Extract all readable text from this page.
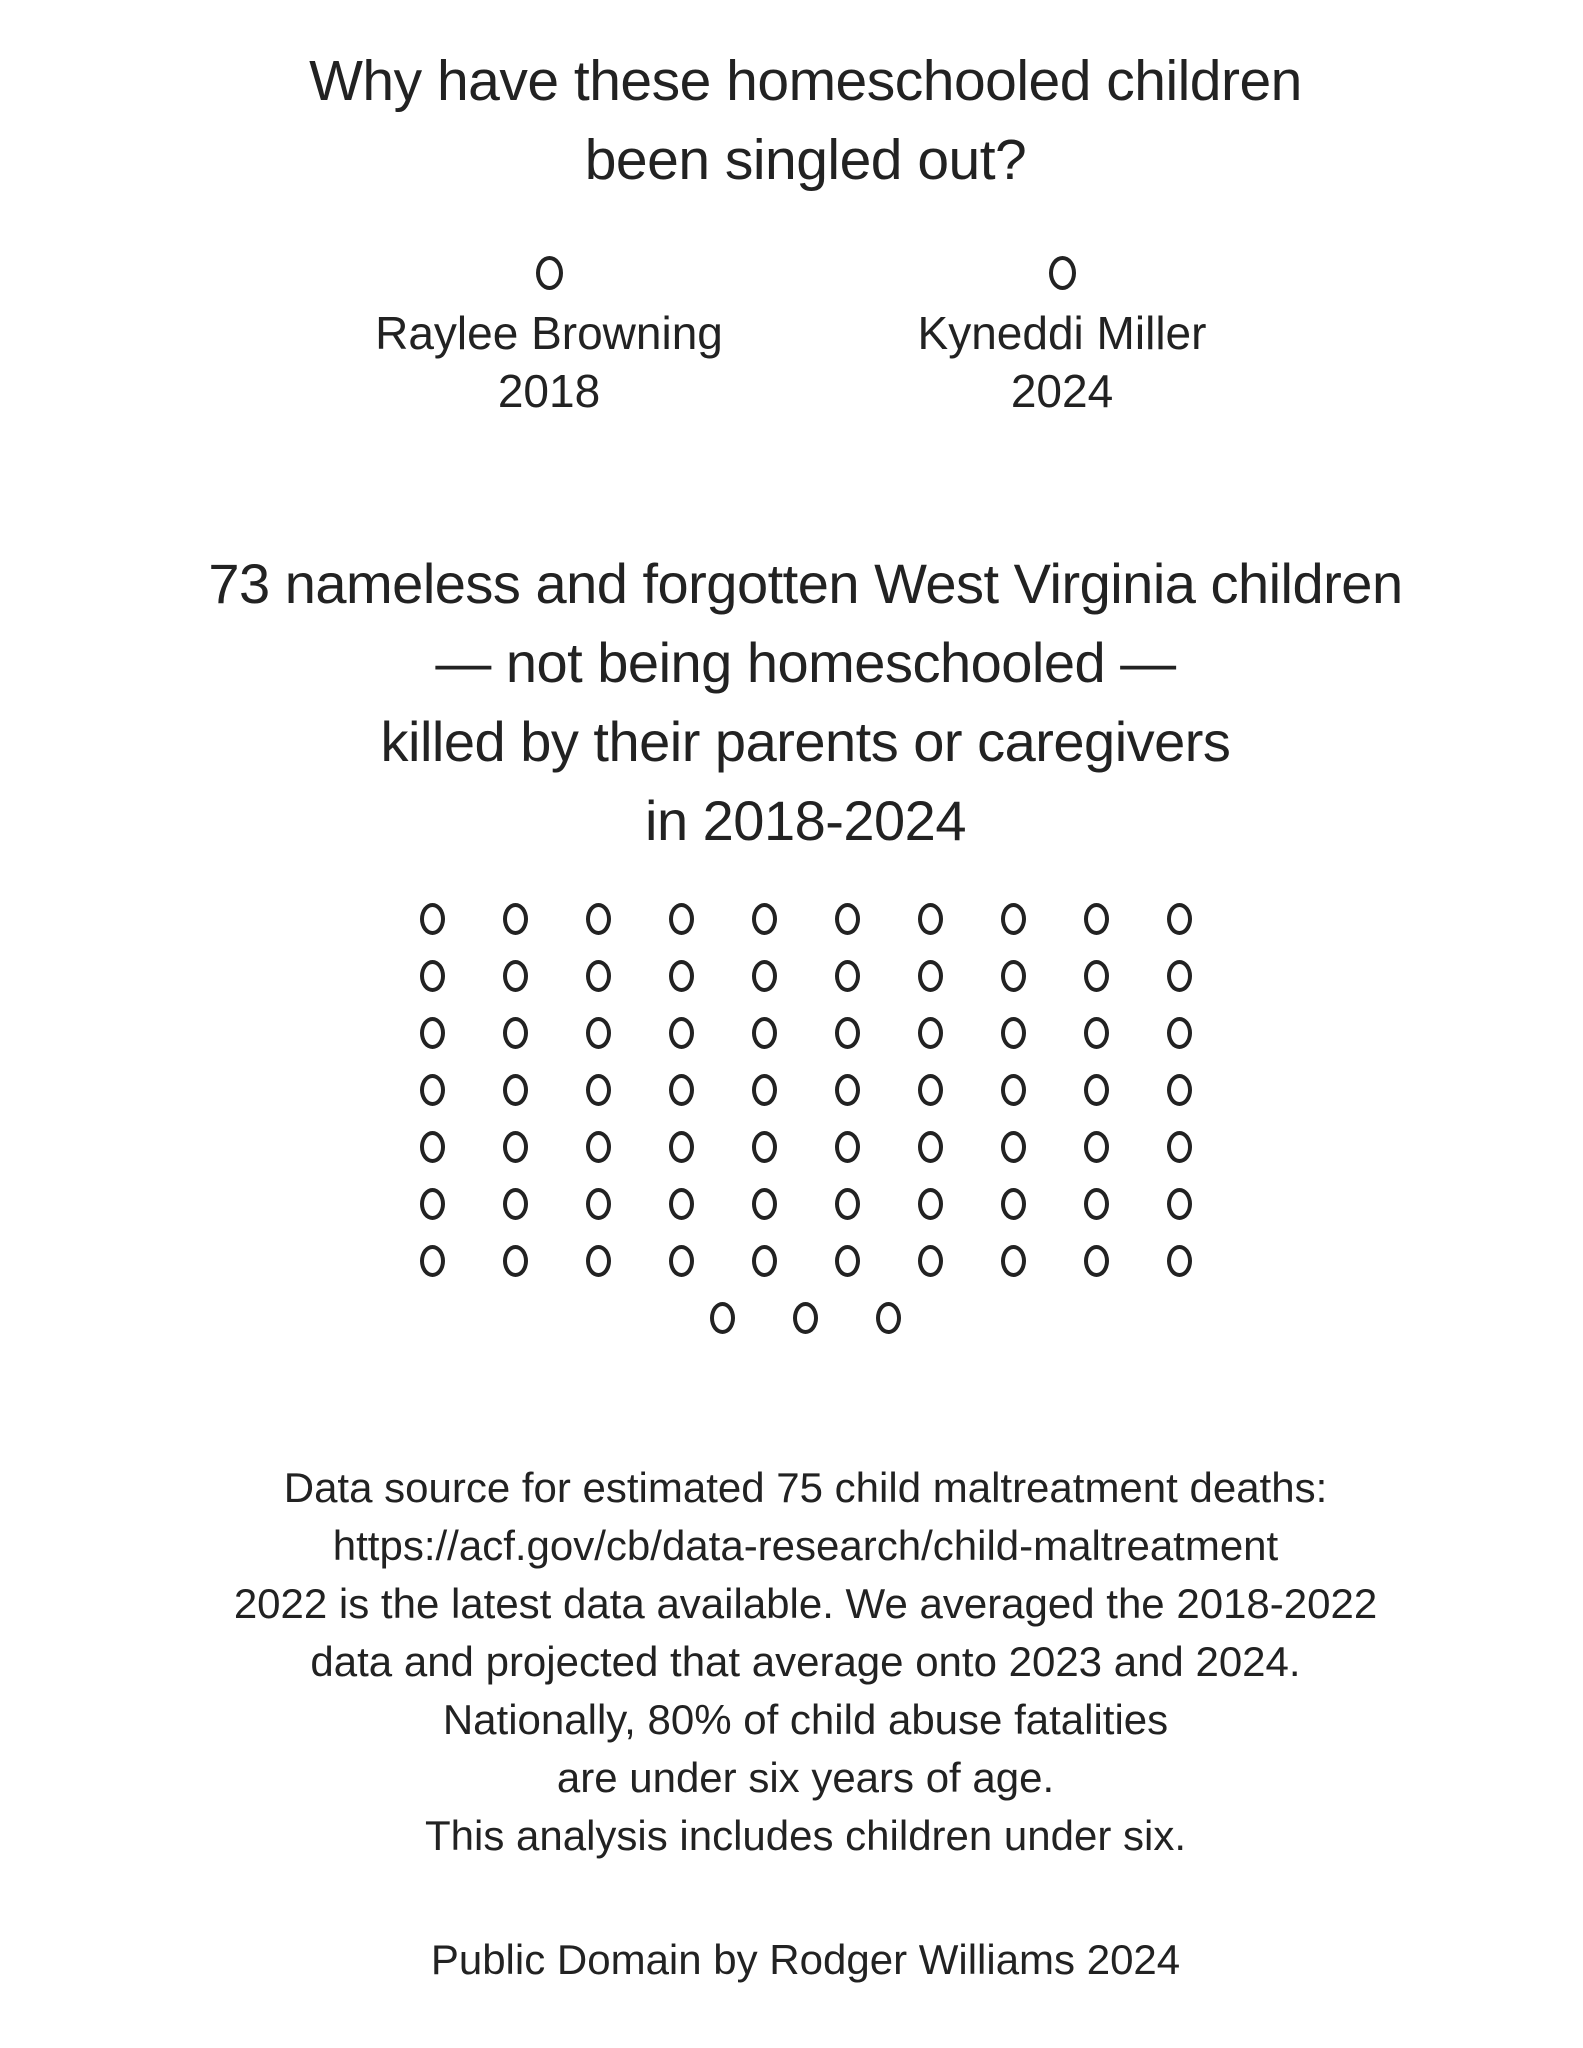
Why have these homeschooled children
been singled out?
Raylee Browning
2018
Kyneddi Miller
2024
73 nameless and forgotten West Virginia children
— not being homeschooled —
killed by their parents or caregivers
in 2018-2024
Data source for estimated 75 child maltreatment deaths:
https://acf.gov/cb/data-research/child-maltreatment
2022 is the latest data available. We averaged the 2018-2022
data and projected that average onto 2023 and 2024.
Nationally, 80% of child abuse fatalities
are under six years of age.
This analysis includes children under six.
Public Domain by Rodger Williams 2024
